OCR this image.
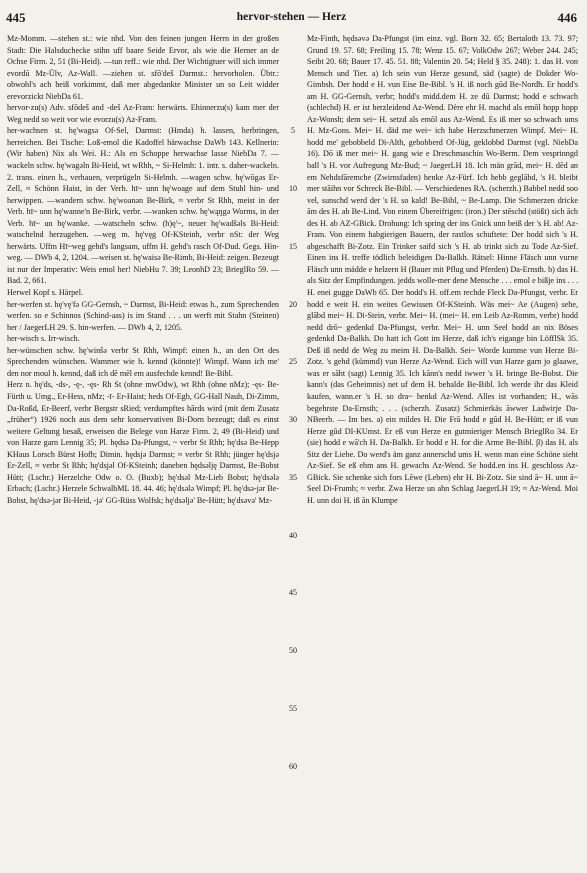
445	hervor-stehen — Herz	446

Mz-Momm. —stehen st.: wie nhd. Von den feinen jungen Herrn in der großen Stadt: Die Halsduchecke stihn uff baare Seide Ervor, als wie die Herner an de Ochse Firm. 2, 51 (Bi-Heid). —tun reff.: wie nhd. Der Wichtigtuer will sich immer evordū Mz-Ülv, Az-Wall. —ziehen st. sfō'deš Darmst.: hervorholen. Übtr.: obwohl's ach heiß vorkimmt, daß mer abgedankte Minister un so Leit widder erevorzickt NiebDa 61.

hervor-zu(s) Adv. sfōdeš and -deš Az-Fram: herwärts. Ehinnerzu(s) kam mer der Weg nedd so weit vor wie evorzu(s) Az-Fram.

her-wachsen st. hę'wagsə Of-Sel, Darmst: (Hmda) h. lassen, herbringen, herreichen. Bei Tische: Loß-emol die Kadoffel härwachse DaWb 143. Kellnerin: (Wir haben) Nix als Wei. H.: Als en Schoppe herwachse lasse NiebDa 7. —wackeln schw. hę'wagəln Bi-Heid, wt wRhh, ~ Si-Helmh: 1. intr. s. daher-wackeln. 2. trans. einen h., verhauen, verprügeln Si-Helmh. —wagen schw. hę'wōgəs Er-Zell, ≈ Schönn Haist, in der Verb. hī~ unn hę'woage auf dem Stuhl hin- und herwippen. —wandern schw. hę'woanən Be-Birk, ≈ verbr St Rhh, meist in der Verb. hī~ unn hę'wanne'n Be-Birk, verbr. —wanken schw. hę'wąŋgə Worms, in der Verb. hī~ un hę'wanke. —watscheln schw. (h)ę'~, neuer hę'wadšəls Bi-Heid: watschelnd herzugehen. —weg m. hę'vęg Of-KSteinh, verbr nSt: der Weg herwärts. Uffm Hī~weg gehd's langsam, uffm H. gehd's rasch Of-Dud. Gegs. Hin-weg. — DWb 4, 2, 1204. —weisen st. hę'waisə Be-Rimb, Bi-Heid: zeigen. Bezeugt ist nur der Imperativ: Weis emol her! NiebHu 7. 39; LeonhD 23; BrieglRo 59. — Bad. 2, 661.

Herwel Kopf s. Härpel.

her-werfen st. hę'vę'fə GG-Gernsh, ~ Darmst, Bi-Heid: etwas h., zum Sprechenden werfen. so e Schinnos (Schind-aas) is im Stand . . . un werft mit Stahn (Steinen) her / JaegerLH 29. S. hin-werfen. — DWb 4, 2, 1205.

her-wisch s. Irr-wisch.

her-wünschen schw. hę'winšə verbr St Rhh, Wimpf: einen h., an den Ort des Sprechenden wünschen. Wammer wie h. kennd (könnte)! Wimpf. Wann ich me' den nor moul h. kennd, daß ich dē mēl em ausfechde kennd! Be-Bibl.

Herz n. hę'ds, -ds-, -ę-, -ęs- Rh St (ohne mwOdw), wt Rhh (ohne nMz); -ęs- Be-Fürth u. Umg., Er-Hess, nMz; -ī- Er-Haist; heds Of-Egb, GG-Hall Nauh, Di-Zimm, Da-Roßd, Er-Beerf, verbr Bergstr sRied; verdumpftes hārds wird (mit dem Zusatz „früher“) 1926 noch aus dem sehr konservativen Bi-Dorn bezeugt; daß es einst weitere Geltung besaß, erweisen die Belege von Harze Firm. 2, 49 (Bi-Heid) und von Harze garn Lennig 35; Pl. hędsə Da-Pfungst, ~ verbr St Rhh; hę'dsə Be-Hepp KHaus Lorsch Bürst Hofh; Dimin. hędsjə Darmst; ≈ verbr St Rhh; jünger hę'dsjə Er-Zell, ≈ verbr St Rhh; hę'dsjəl Of-KSteinh; daneben hędsəlję Darmst, Be-Bobst Hütt; (Lschr.) Herzelche Odw o. O. (Buxb); hę'dsəl Mz-Lieb Bobst; hę'dsələ Erbach; (Lschr.) Herzele SchwalbML 18. 44. 46; hę'dsələ Wimpf; Pl. hę'dsə-jər Be-Bobst, hę'dsə-jər Bi-Heid, -jə' GG-Rüss Wolfsk; hę'dsəljə' Be-Hütt; hę'dsəvə' Mz-

5
10
15
20
25
30
35
40
45
50
55
60

Mz-Finth, hędsəvə Da-Pfungst (im einz. vgl. Born 32. 65; Bertaloth 13. 73. 97; Grund 19. 57. 68; Freiling 15. 78; Wenz 15. 67; VolkOdw 267; Weber 244. 245; Seibt 20. 68; Bauer 17. 45. 51. 88; Valentin 20. 54; Held § 35. 248): 1. das H. von Mensch und Tier. a) Ich sein vun Herze gesund, säd (sagte) de Dokder Wo-Gimbsh. Der hodd e H. vun Eise Be-Bibl. 's H. iß noch gūd Be-Nordh. Er hodd's am H. GG-Gernsh, verbr; hodd's midd.dem H. ze dū Darmst; hodd e schwach (schlechd) H. er ist herzleidend Az-Wend. Dère ehr H. machd als emōl hopp hopp Az-Wonsh; dem sei~ H. setzd als emōl aus Az-Wend. Es iß mer so schwach ums H. Mz-Gons. Mei~ H. däd me wei~ ich habe Herzschmerzen Wimpf. Mei~ H. hodd me' gebobbeld Di-Alth, gebobberd Of-Jüg, geklobbd Darmst (vgl. NiebDa 16). Dō iß mer mei~ H. gang wie e Dreschmaschin Wo-Berm. Dem vesprinngd ball 's H. vor Aufregung Mz-Bud; ~ JaegerLH 18. Ich män grād, mei~ H. dēd an em Nehdsfāremche (Zwirnsfaden) henke Az-Fürf. Ich hebb geglābd, 's H. bleibt mer stāihn vor Schreck Be-Bibl. — Verschiedenes RA. (scherzh.) Babbel nedd soo vel, sunschd werd der 's H. so kald! Be-Bibl, ~ Be-Lamp. Die Schmerzen dricke ām des H. ab Be-Lind. Von einem Übereifrigen: (iron.) Der stēschd (stößt) sich āch des H. ab AZ-GBick. Drohung: Ich spring der ins Gnick unn beiß der 's H. ab! Az-Fram. Von einem habgierigen Bauern, der rastlos schuftete: Der hodd sich 's H. abgeschafft Bi-Zotz. Ein Trinker saifd sich 's H. ab trinkt sich zu Tode Az-Sief. Einen ins H. treffe tödlich beleidigen Da-Balkh. Rätsel: Hinne Fläsch unn vurne Fläsch unn mädde e helzern H (Bauer mit Pflug und Pferden) Da-Ernsth. b) das H. als Sitz der Empfindungen. jedds wolle-mer dene Mensche . . . emol e bißje ins . . . H. enei gugge DaWb 65. Der hodd's H. off.em rechde Fleck Da-Pfungst, verbr. Er hodd e weit H. ein weites Gewissen Of-KSteinh. Wäs mei~ Ae (Augen) sehe, glābd mei~ H. Di-Stein, verbr. Mei~ H. (mei~ H. em Leib Az-Romm, verbr) hodd nedd drō~ gedenkd Da-Pfungst, verbr. Mei~ H. unn Seel hodd an nix Böses gedenkd Da-Balkh. Do hatt ich Gott im Herze, daß ich's eigange bin LöfflSk 35. Deß iß nedd de Weg zu meim H. Da-Balkh. Sei~ Worde kumme vun Herze Bi-Zotz. 's gehd (kümmd) vun Herze Az-Wend. Eich will vun Harze garn jo glaawe, was er sāht (sagt) Lennig 35. Ich kānn's nedd iwwer 's H. bringe Be-Bobst. Die kann's (das Geheimnis) net uf dem H. behalde Be-Bibl. Ich werde ihr das Kleid kaufen, wann.er 's H. so dra~ henkd Az-Wend. Alles ist vorhanden; H., wās begehrste Da-Ernsth; . . . (scherzh. Zusatz) Schmierkäs āwwer Ladwirje Da-NBeerb. — Im bes. a) ein mildes H. Die Frā hodd e gūd H. Be-Hütt; er iß vun Herze gūd DI-KUmst. Er eß vun Herze en gutmieriger Mensch BrieglRo 34. Er (sie) hodd e wā'ch H. Da-Balkh. Er hodd e H. for die Arme Be-Bibl. β) das H. als Sitz der Liebe. Do werd's äm ganz annerschd ums H. wenn man eine Schöne sieht Az-Sief. Se eß ehm ans H. gewachs Az-Wend. Se hodd.en ins H. geschloss Az-GBick. Sie schenke sich fors Lēwe (Leben) ehr H. Bi-Zotz. Sie sind ā~ H. unn ā~ Seel Di-Frumb; ≈ verbr. Zwa Herze un ahn Schlag JaegerLH 19; ≈ Az-Wend. Moi H. unn doi H. iß ān Klumpe
